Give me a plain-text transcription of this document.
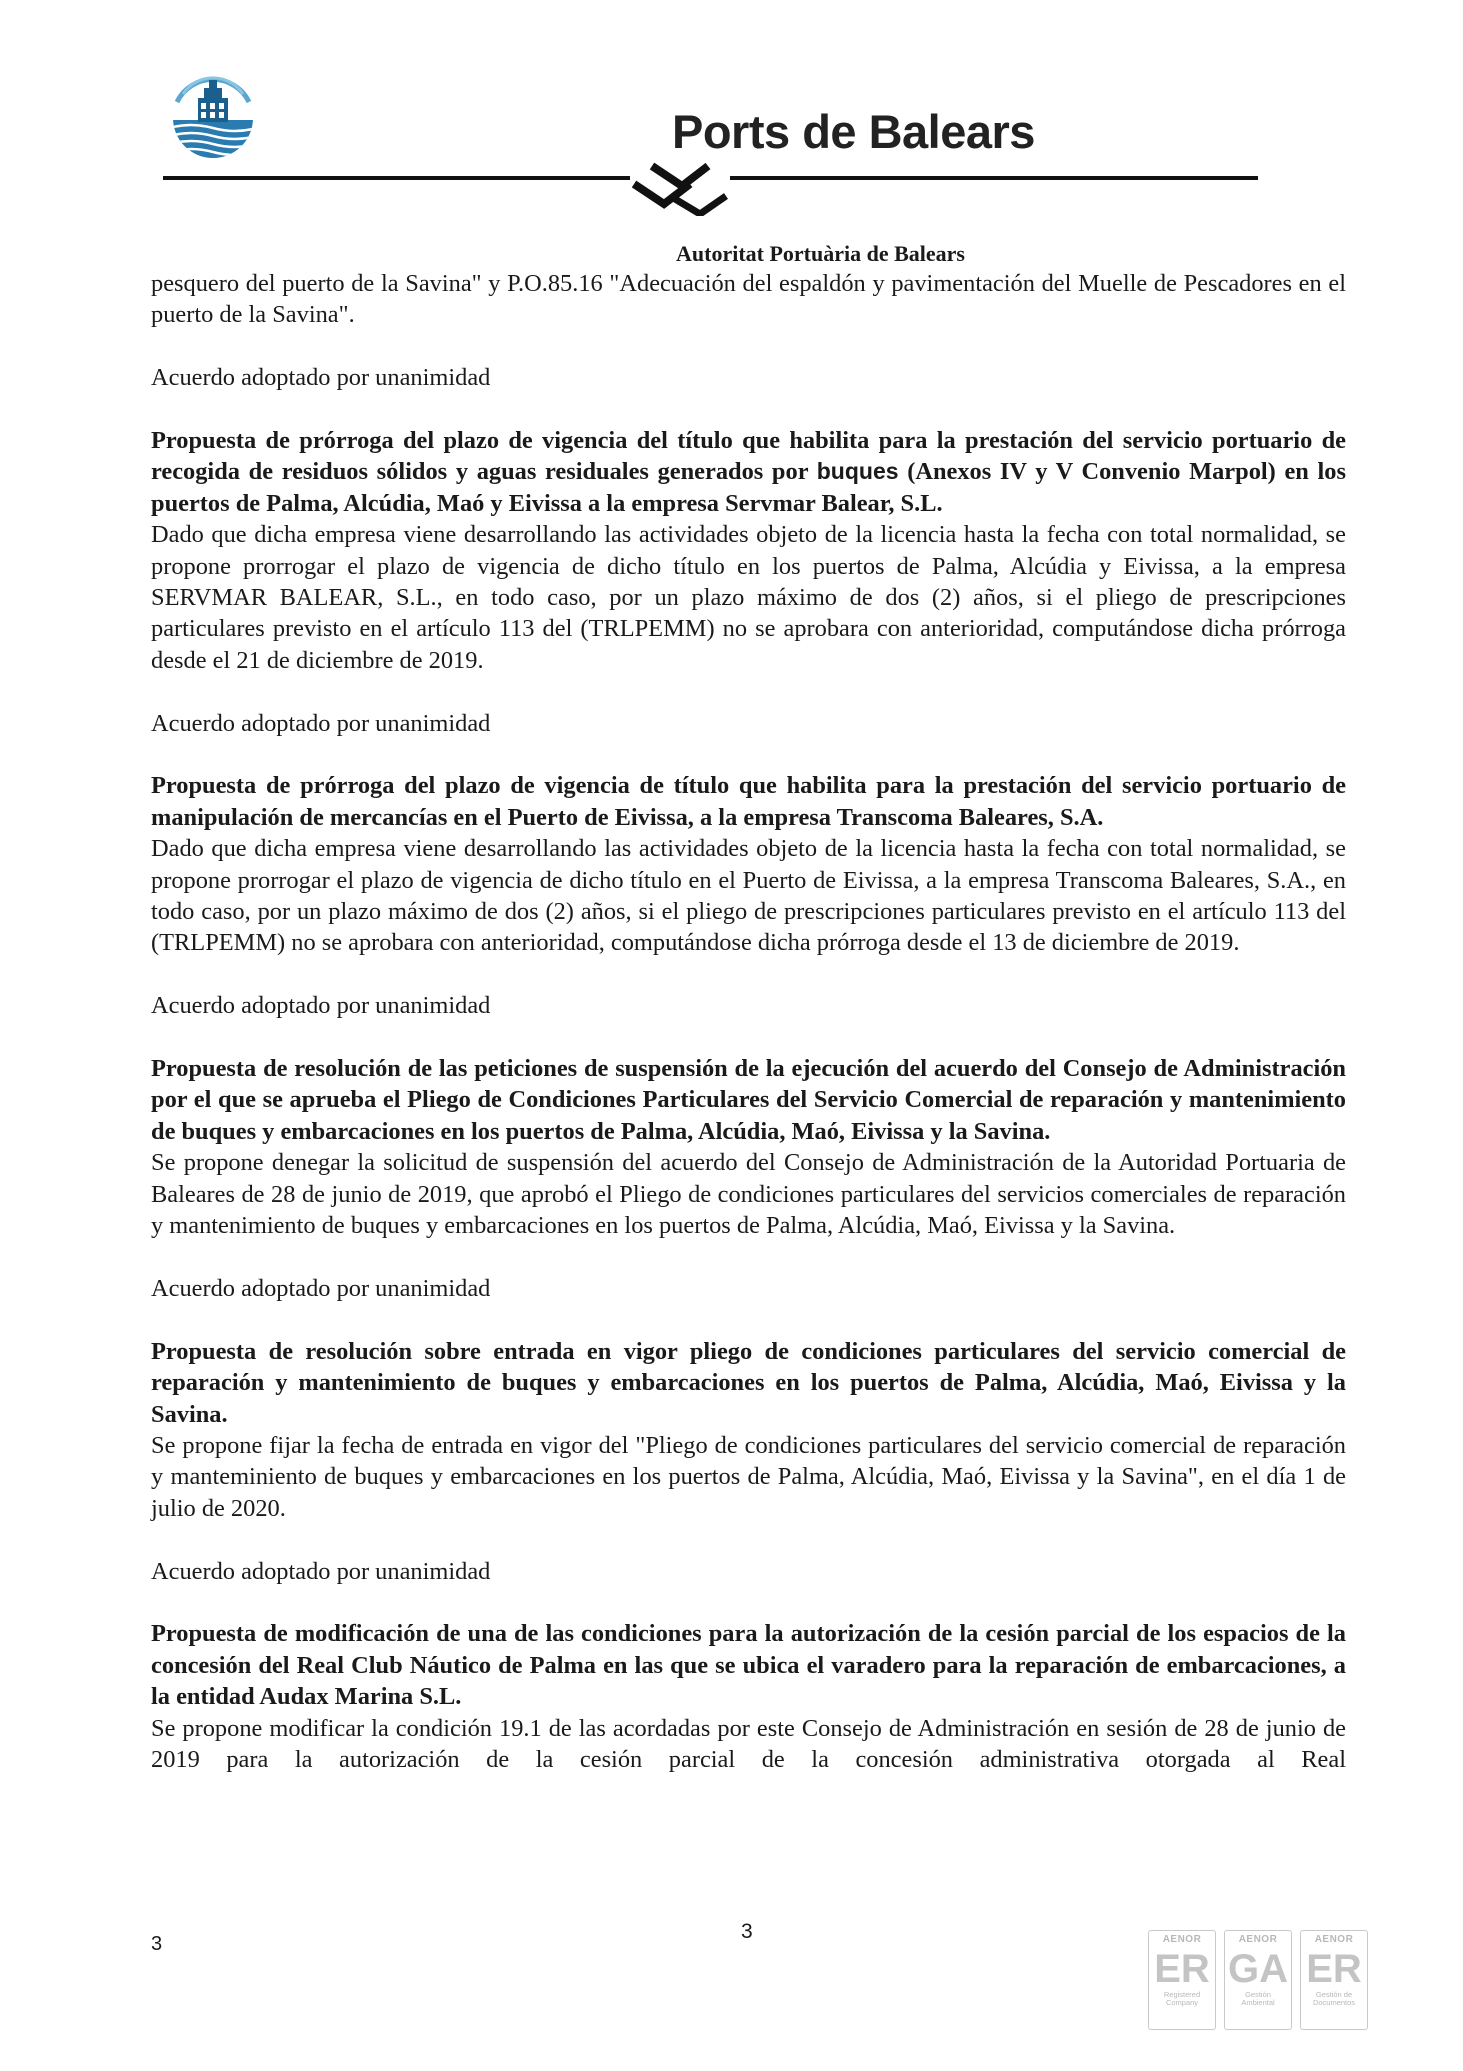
Ports de Balears
Autoritat Portuària de Balears

pesquero del puerto de la Savina" y P.O.85.16 "Adecuación del espaldón y pavimentación del Muelle de Pescadores en el puerto de la Savina".

Acuerdo adoptado por unanimidad

Propuesta de prórroga del plazo de vigencia del título que habilita para la prestación del servicio portuario de recogida de residuos sólidos y aguas residuales generados por buques (Anexos IV y V Convenio Marpol) en los puertos de Palma, Alcúdia, Maó y Eivissa a la empresa Servmar Balear, S.L.

Dado que dicha empresa viene desarrollando las actividades objeto de la licencia hasta la fecha con total normalidad, se propone prorrogar el plazo de vigencia de dicho título en los puertos de Palma, Alcúdia y Eivissa, a la empresa SERVMAR BALEAR, S.L., en todo caso, por un plazo máximo de dos (2) años, si el pliego de prescripciones particulares previsto en el artículo 113 del (TRLPEMM) no se aprobara con anterioridad, computándose dicha prórroga desde el 21 de diciembre de 2019.

Acuerdo adoptado por unanimidad

Propuesta de prórroga del plazo de vigencia de título que habilita para la prestación del servicio portuario de manipulación de mercancías en el Puerto de Eivissa, a la empresa Transcoma Baleares, S.A.

Dado que dicha empresa viene desarrollando las actividades objeto de la licencia hasta la fecha con total normalidad, se propone prorrogar el plazo de vigencia de dicho título en el Puerto de Eivissa, a la empresa Transcoma Baleares, S.A., en todo caso, por un plazo máximo de dos (2) años, si el pliego de prescripciones particulares previsto en el artículo 113 del (TRLPEMM) no se aprobara con anterioridad, computándose dicha prórroga desde el 13 de diciembre de 2019.

Acuerdo adoptado por unanimidad

Propuesta de resolución de las peticiones de suspensión de la ejecución del acuerdo del Consejo de Administración por el que se aprueba el Pliego de Condiciones Particulares del Servicio Comercial de reparación y mantenimiento de buques y embarcaciones en los puertos de Palma, Alcúdia, Maó, Eivissa y la Savina.

Se propone denegar la solicitud de suspensión del acuerdo del Consejo de Administración de la Autoridad Portuaria de Baleares de 28 de junio de 2019, que aprobó el Pliego de condiciones particulares del servicios comerciales de reparación y mantenimiento de buques y embarcaciones en los puertos de Palma, Alcúdia, Maó, Eivissa y la Savina.

Acuerdo adoptado por unanimidad

Propuesta de resolución sobre entrada en vigor pliego de condiciones particulares del servicio comercial de reparación y mantenimiento de buques y embarcaciones en los puertos de Palma, Alcúdia, Maó, Eivissa y la Savina.

Se propone fijar la fecha de entrada en vigor del "Pliego de condiciones particulares del servicio comercial de reparación y manteminiento de buques y embarcaciones en los puertos de Palma, Alcúdia, Maó, Eivissa y la Savina", en el día 1 de julio de 2020.

Acuerdo adoptado por unanimidad

Propuesta de modificación de una de las condiciones para la autorización de la cesión parcial de los espacios de la concesión del Real Club Náutico de Palma en las que se ubica el varadero para la reparación de embarcaciones, a la entidad Audax Marina S.L.

Se propone modificar la condición 19.1 de las acordadas por este Consejo de Administración en sesión de 28 de junio de 2019 para la autorización de la cesión parcial de la concesión administrativa otorgada al Real

3
3	AENOR
ER
Registered Company
AENOR
GA
Gestión Ambiental
AENOR
ER
Gestión de Documentos
